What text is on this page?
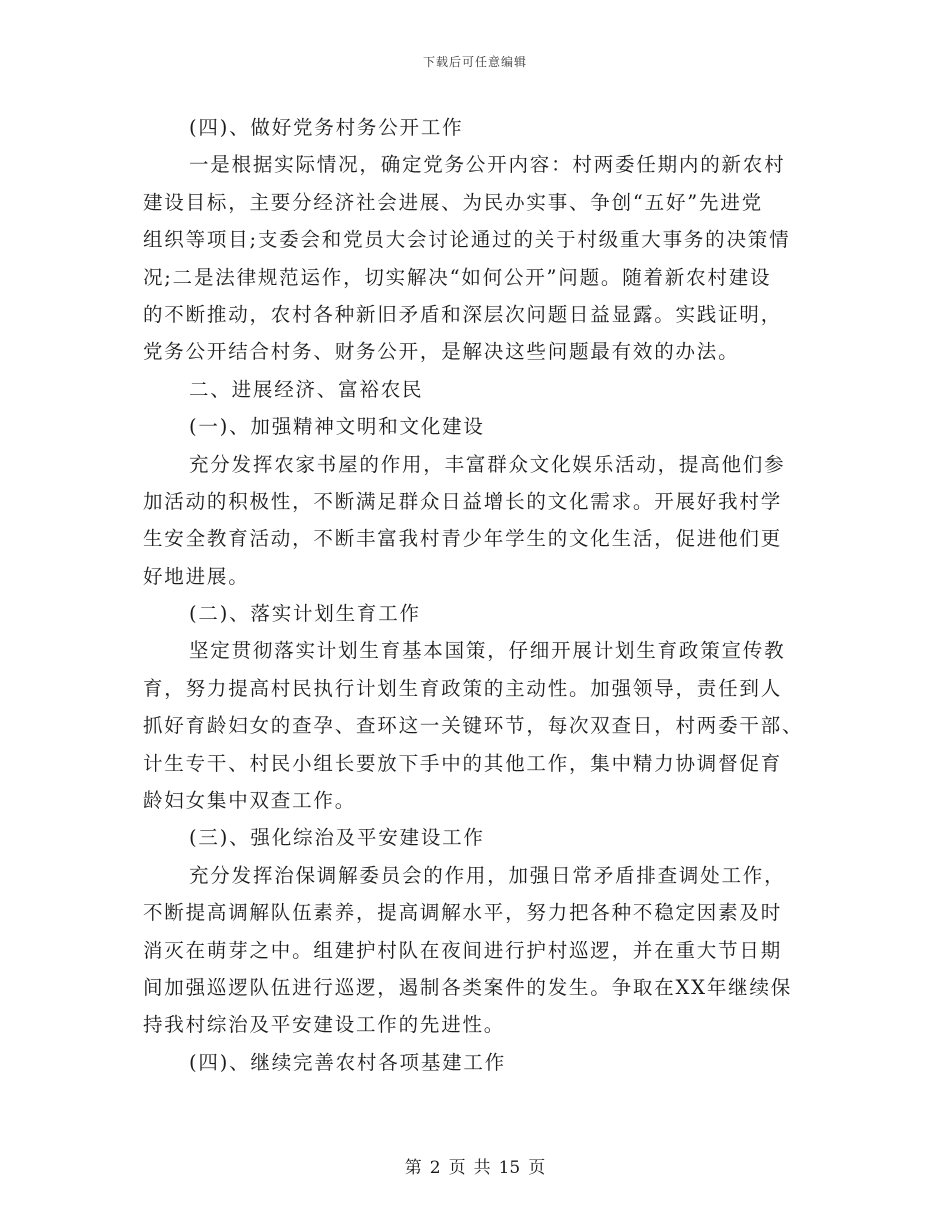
下载后可任意编辑
(四)、做好党务村务公开工作
一是根据实际情况，确定党务公开内容：村两委任期内的新农村
建设目标，主要分经济社会进展、为民办实事、争创“五好”先进党
组织等项目;支委会和党员大会讨论通过的关于村级重大事务的决策情
况;二是法律规范运作，切实解决“如何公开”问题。随着新农村建设
的不断推动，农村各种新旧矛盾和深层次问题日益显露。实践证明，
党务公开结合村务、财务公开，是解决这些问题最有效的办法。
二、进展经济、富裕农民
(一)、加强精神文明和文化建设
充分发挥农家书屋的作用，丰富群众文化娱乐活动，提高他们参
加活动的积极性，不断满足群众日益增长的文化需求。开展好我村学
生安全教育活动，不断丰富我村青少年学生的文化生活，促进他们更
好地进展。
(二)、落实计划生育工作
坚定贯彻落实计划生育基本国策，仔细开展计划生育政策宣传教
育，努力提高村民执行计划生育政策的主动性。加强领导，责任到人
抓好育龄妇女的查孕、查环这一关键环节，每次双查日，村两委干部、
计生专干、村民小组长要放下手中的其他工作，集中精力协调督促育
龄妇女集中双查工作。
(三)、强化综治及平安建设工作
充分发挥治保调解委员会的作用，加强日常矛盾排查调处工作，
不断提高调解队伍素养，提高调解水平，努力把各种不稳定因素及时
消灭在萌芽之中。组建护村队在夜间进行护村巡逻，并在重大节日期
间加强巡逻队伍进行巡逻，遏制各类案件的发生。争取在XX年继续保
持我村综治及平安建设工作的先进性。
(四)、继续完善农村各项基建工作
第 2 页 共 15 页
